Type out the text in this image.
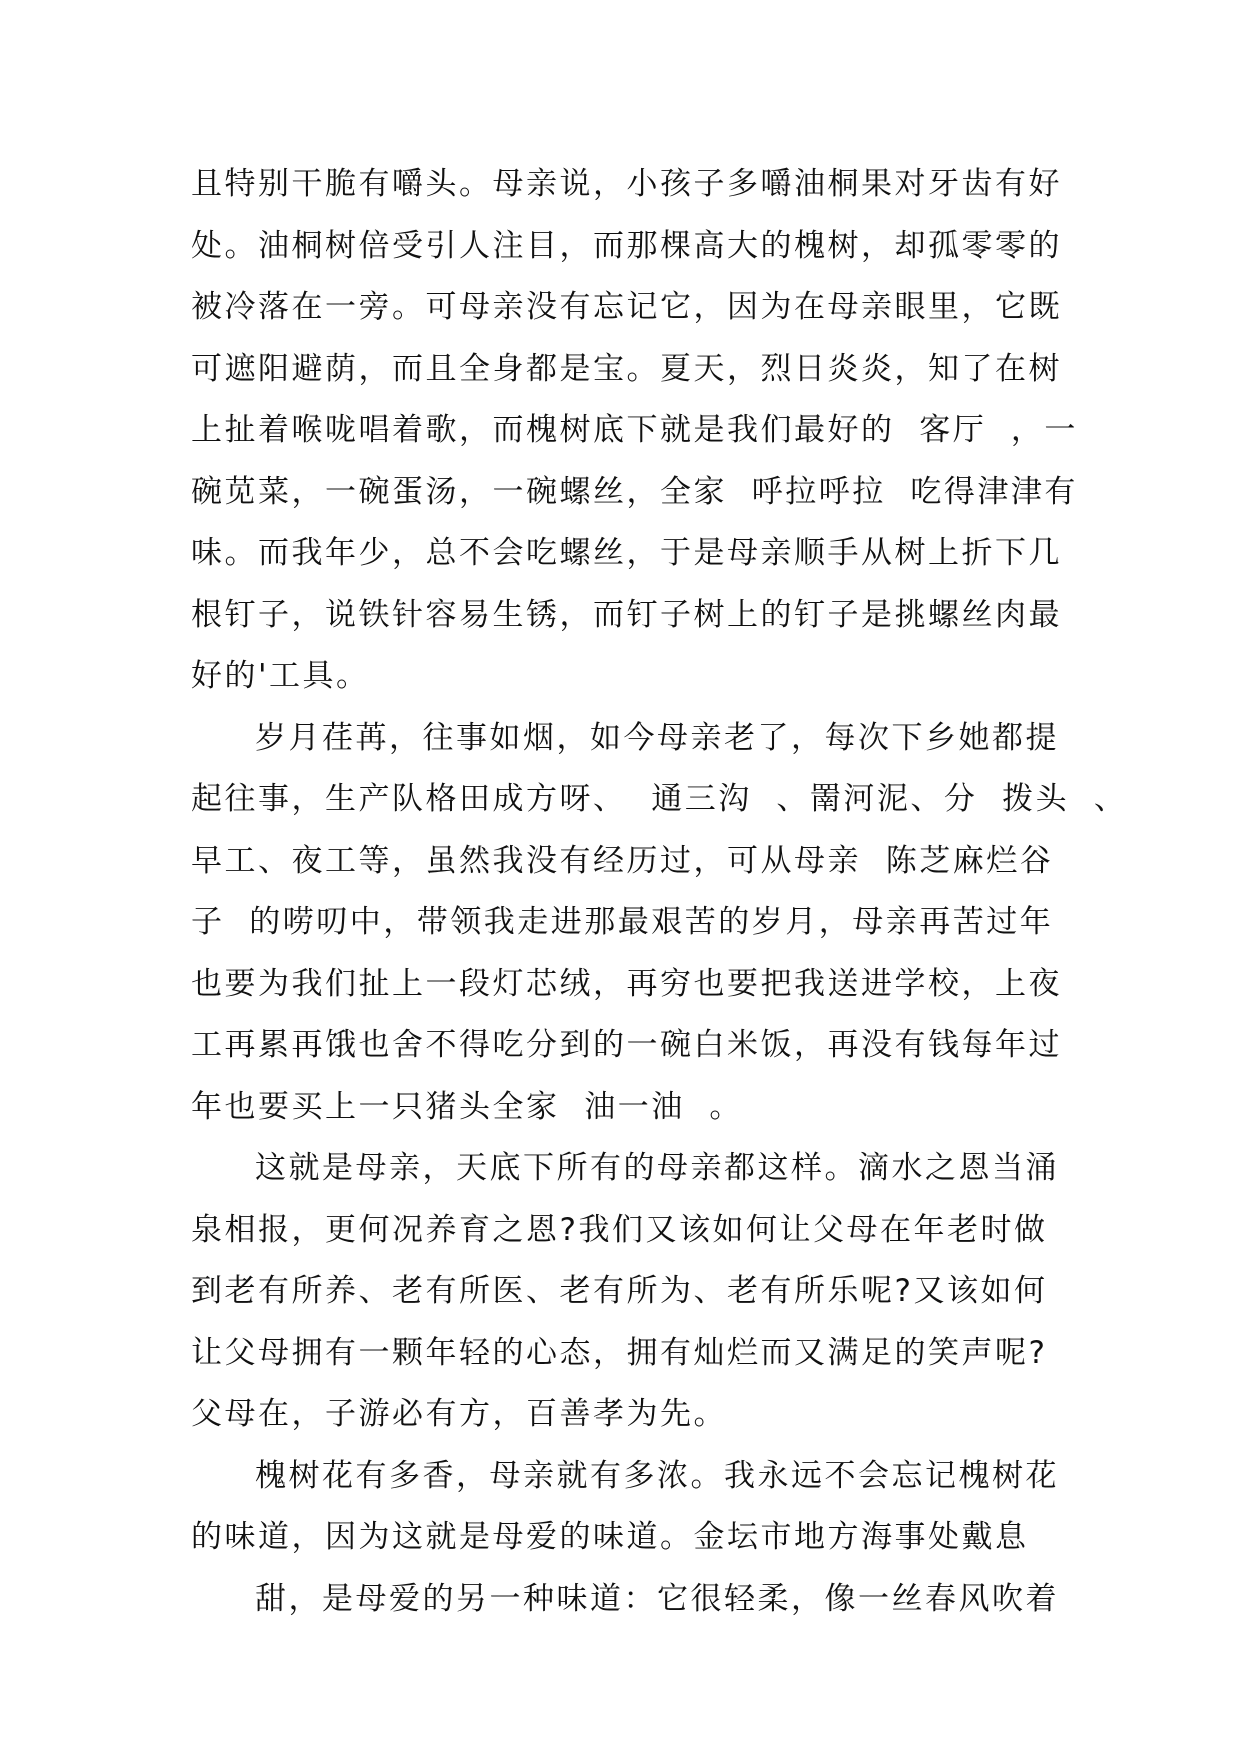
且特别干脆有嚼头。母亲说，小孩子多嚼油桐果对牙齿有好
处。油桐树倍受引人注目，而那棵高大的槐树，却孤零零的
被冷落在一旁。可母亲没有忘记它，因为在母亲眼里，它既
可遮阳避荫，而且全身都是宝。夏天，烈日炎炎，知了在树
上扯着喉咙唱着歌，而槐树底下就是我们最好的  客厅  ，一
碗苋菜，一碗蛋汤，一碗螺丝，全家  呼拉呼拉  吃得津津有
味。而我年少，总不会吃螺丝，于是母亲顺手从树上折下几
根钉子，说铁针容易生锈，而钉子树上的钉子是挑螺丝肉最
好的'工具。
岁月荏苒，往事如烟，如今母亲老了，每次下乡她都提
起往事，生产队格田成方呀、  通三沟  、罱河泥、分  拨头  、
早工、夜工等，虽然我没有经历过，可从母亲  陈芝麻烂谷
子  的唠叨中，带领我走进那最艰苦的岁月，母亲再苦过年
也要为我们扯上一段灯芯绒，再穷也要把我送进学校，上夜
工再累再饿也舍不得吃分到的一碗白米饭，再没有钱每年过
年也要买上一只猪头全家  油一油  。
这就是母亲，天底下所有的母亲都这样。滴水之恩当涌
泉相报，更何况养育之恩?我们又该如何让父母在年老时做
到老有所养、老有所医、老有所为、老有所乐呢?又该如何
让父母拥有一颗年轻的心态，拥有灿烂而又满足的笑声呢?
父母在，子游必有方，百善孝为先。
槐树花有多香，母亲就有多浓。我永远不会忘记槐树花
的味道，因为这就是母爱的味道。金坛市地方海事处戴息
甜，是母爱的另一种味道：它很轻柔，像一丝春风吹着
